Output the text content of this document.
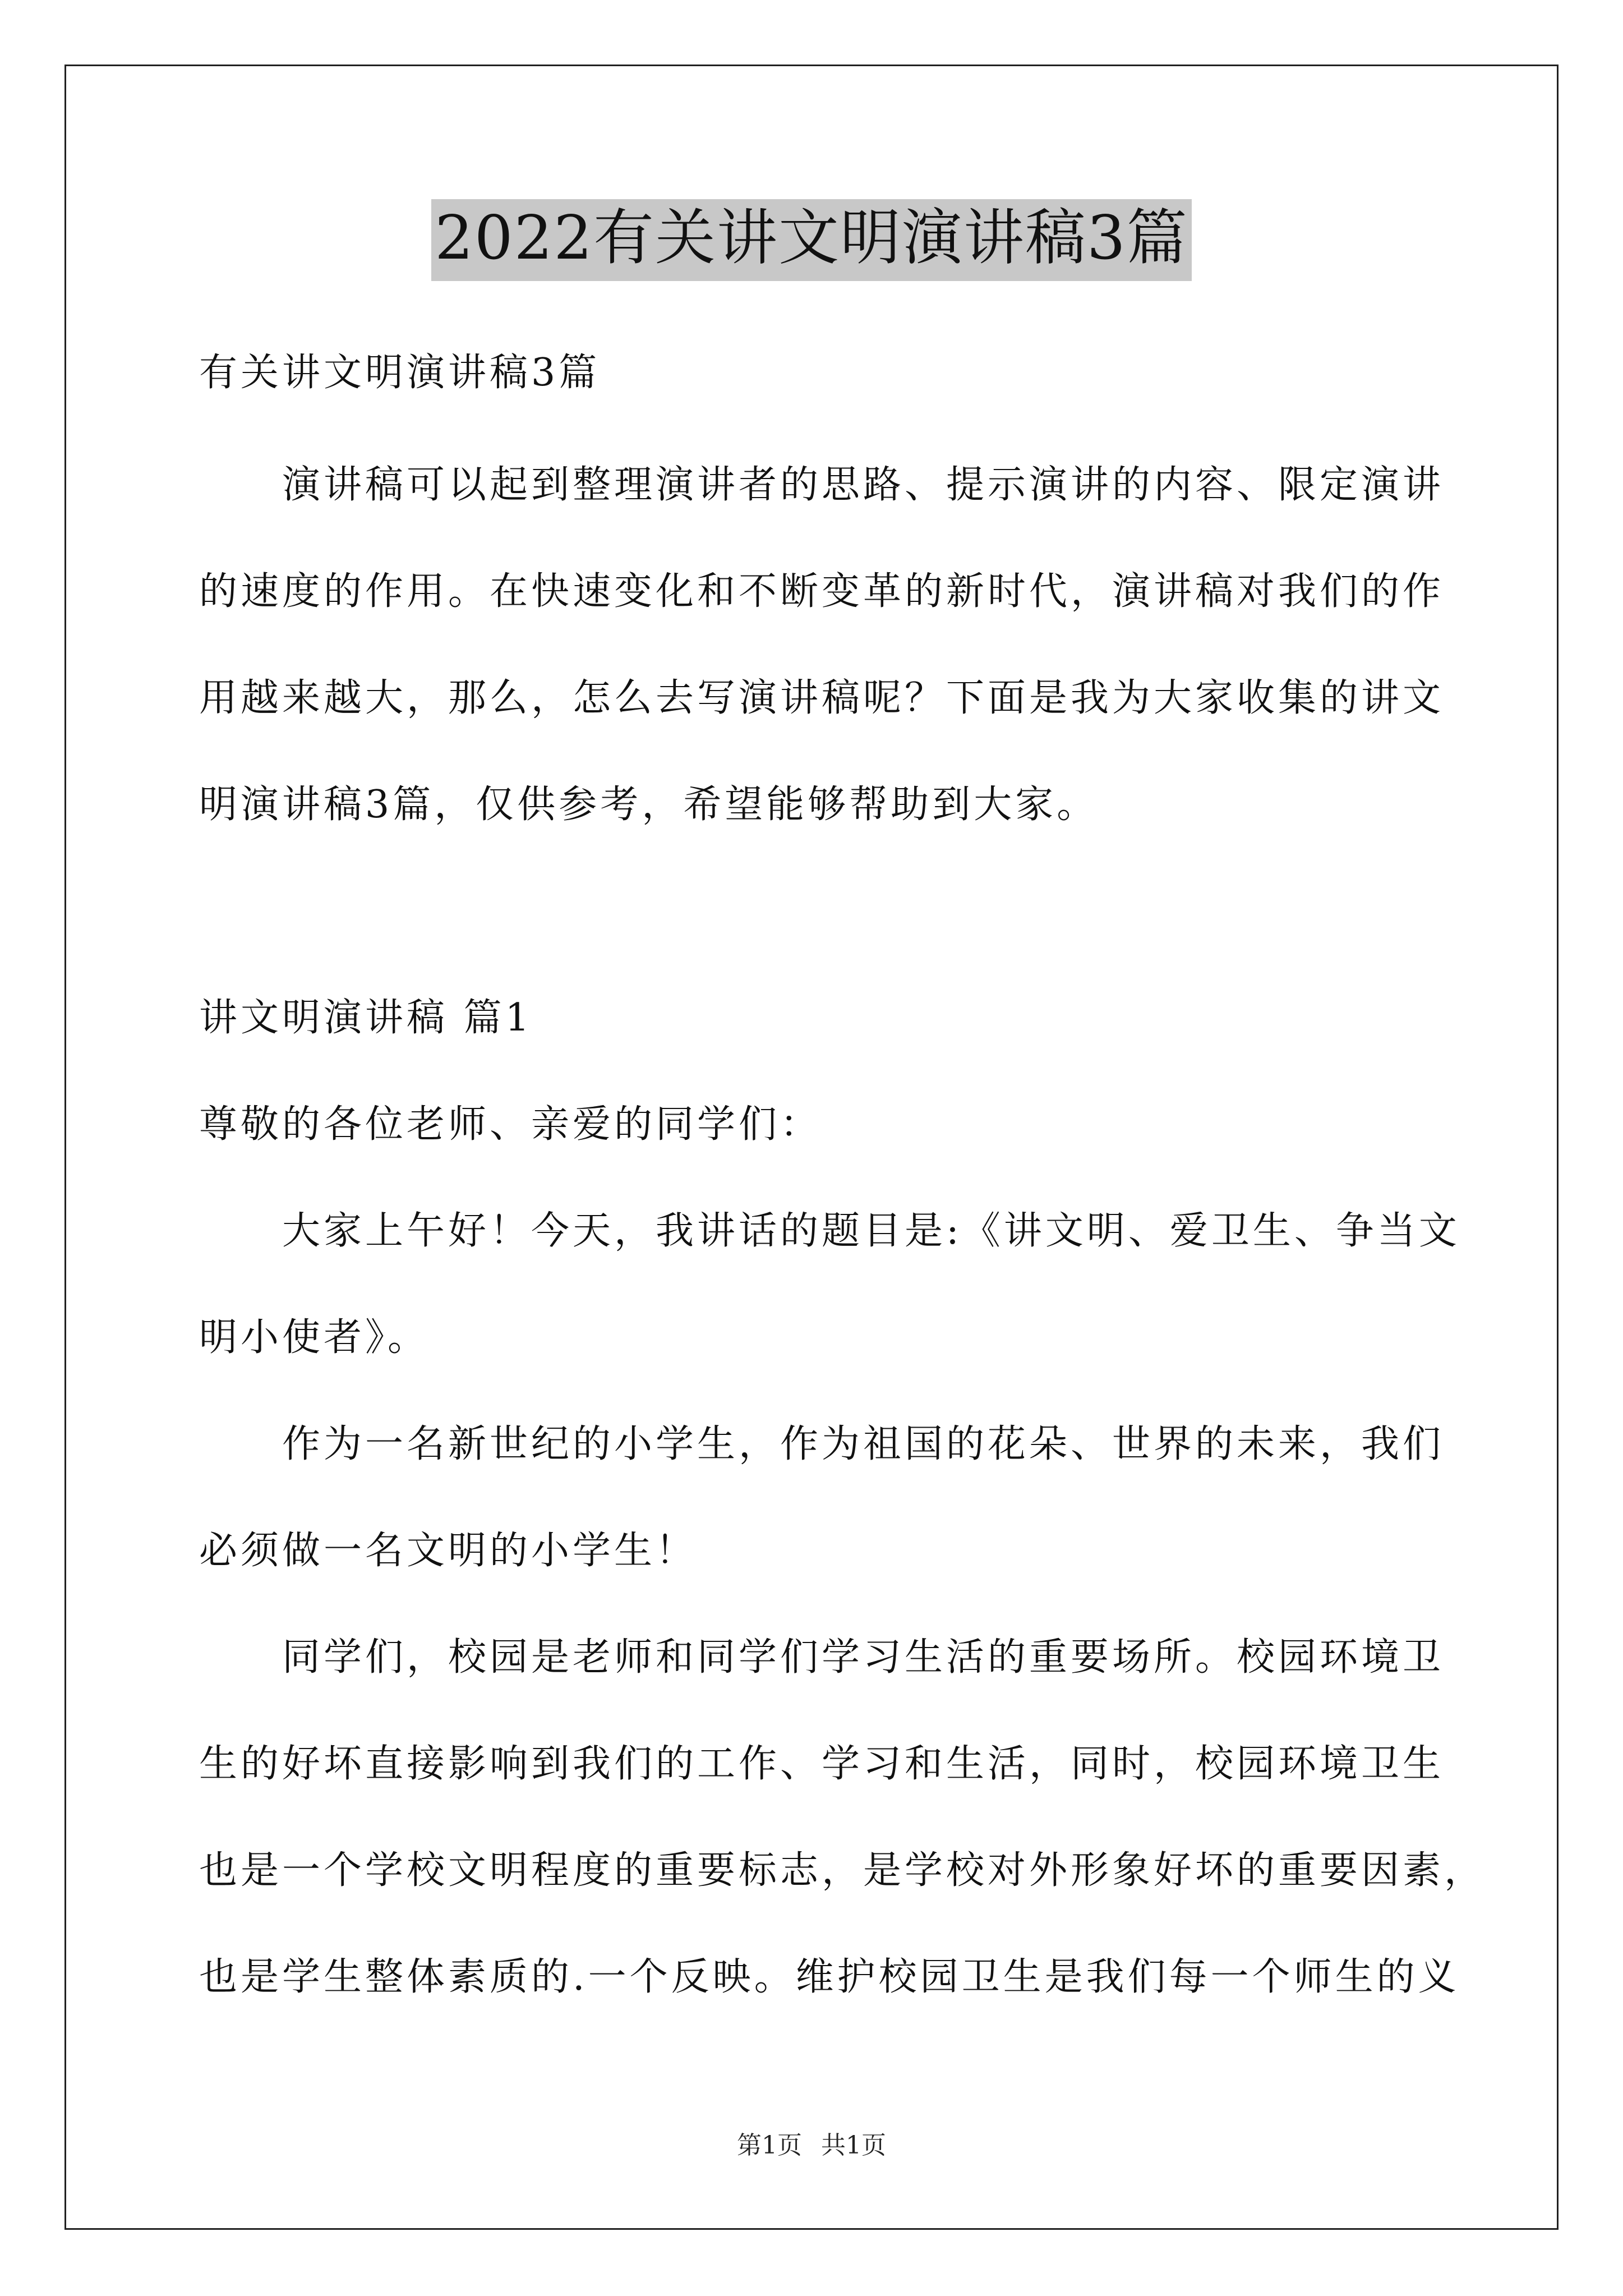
2022有关讲文明演讲稿3篇
有关讲文明演讲稿3篇
演讲稿可以起到整理演讲者的思路、提示演讲的内容、限定演讲
的速度的作用。在快速变化和不断变革的新时代，演讲稿对我们的作
用越来越大，那么，怎么去写演讲稿呢？下面是我为大家收集的讲文
明演讲稿3篇，仅供参考，希望能够帮助到大家。
讲文明演讲稿 篇1
尊敬的各位老师、亲爱的同学们：
大家上午好！今天，我讲话的题目是:《讲文明、爱卫生、争当文
明小使者》。
作为一名新世纪的小学生，作为祖国的花朵、世界的未来，我们
必须做一名文明的小学生！
同学们，校园是老师和同学们学习生活的重要场所。校园环境卫
生的好坏直接影响到我们的工作、学习和生活，同时，校园环境卫生
也是一个学校文明程度的重要标志，是学校对外形象好坏的重要因素，
也是学生整体素质的.一个反映。维护校园卫生是我们每一个师生的义
第1页 共1页
